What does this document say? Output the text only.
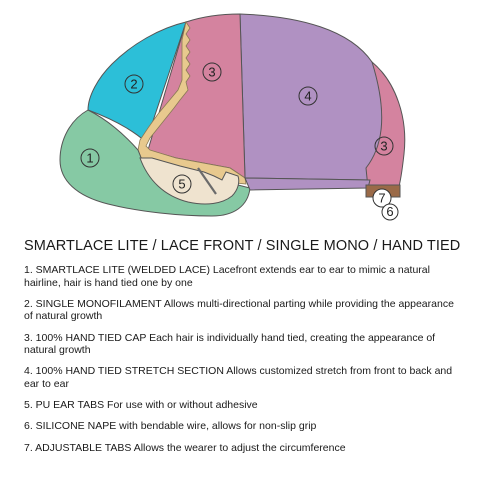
1
2
3
4
3
5
7
6
SMARTLACE LITE / LACE FRONT / SINGLE MONO / HAND TIED

1. SMARTLACE LITE (WELDED LACE) Lacefront extends ear to ear to mimic a natural hairline, hair is hand tied one by one

2. SINGLE MONOFILAMENT Allows multi-directional parting while providing the appearance of natural growth

3. 100% HAND TIED CAP Each hair is individually hand tied, creating the appearance of natural growth

4. 100% HAND TIED STRETCH SECTION Allows customized stretch from front to back and ear to ear

5. PU EAR TABS For use with or without adhesive

6. SILICONE NAPE with bendable wire, allows for non-slip grip

7. ADJUSTABLE TABS Allows the wearer to adjust the circumference
